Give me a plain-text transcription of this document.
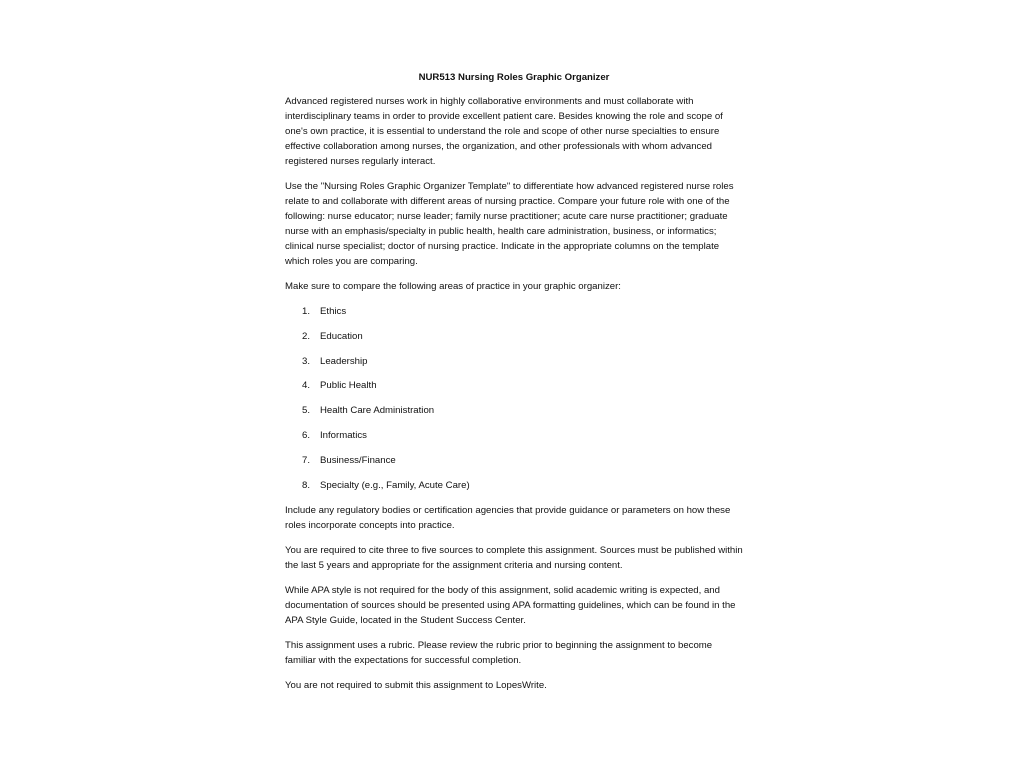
NUR513 Nursing Roles Graphic Organizer

Advanced registered nurses work in highly collaborative environments and must collaborate with interdisciplinary teams in order to provide excellent patient care. Besides knowing the role and scope of one's own practice, it is essential to understand the role and scope of other nurse specialties to ensure effective collaboration among nurses, the organization, and other professionals with whom advanced registered nurses regularly interact.

Use the "Nursing Roles Graphic Organizer Template" to differentiate how advanced registered nurse roles relate to and collaborate with different areas of nursing practice. Compare your future role with one of the following: nurse educator; nurse leader; family nurse practitioner; acute care nurse practitioner; graduate nurse with an emphasis/specialty in public health, health care administration, business, or informatics; clinical nurse specialist; doctor of nursing practice. Indicate in the appropriate columns on the template which roles you are comparing.

Make sure to compare the following areas of practice in your graphic organizer:

1.	Ethics
2.	Education
3.	Leadership
4.	Public Health
5.	Health Care Administration
6.	Informatics
7.	Business/Finance
8.	Specialty (e.g., Family, Acute Care)

Include any regulatory bodies or certification agencies that provide guidance or parameters on how these roles incorporate concepts into practice.

You are required to cite three to five sources to complete this assignment. Sources must be published within the last 5 years and appropriate for the assignment criteria and nursing content.

While APA style is not required for the body of this assignment, solid academic writing is expected, and documentation of sources should be presented using APA formatting guidelines, which can be found in the APA Style Guide, located in the Student Success Center.

This assignment uses a rubric. Please review the rubric prior to beginning the assignment to become familiar with the expectations for successful completion.

You are not required to submit this assignment to LopesWrite.
